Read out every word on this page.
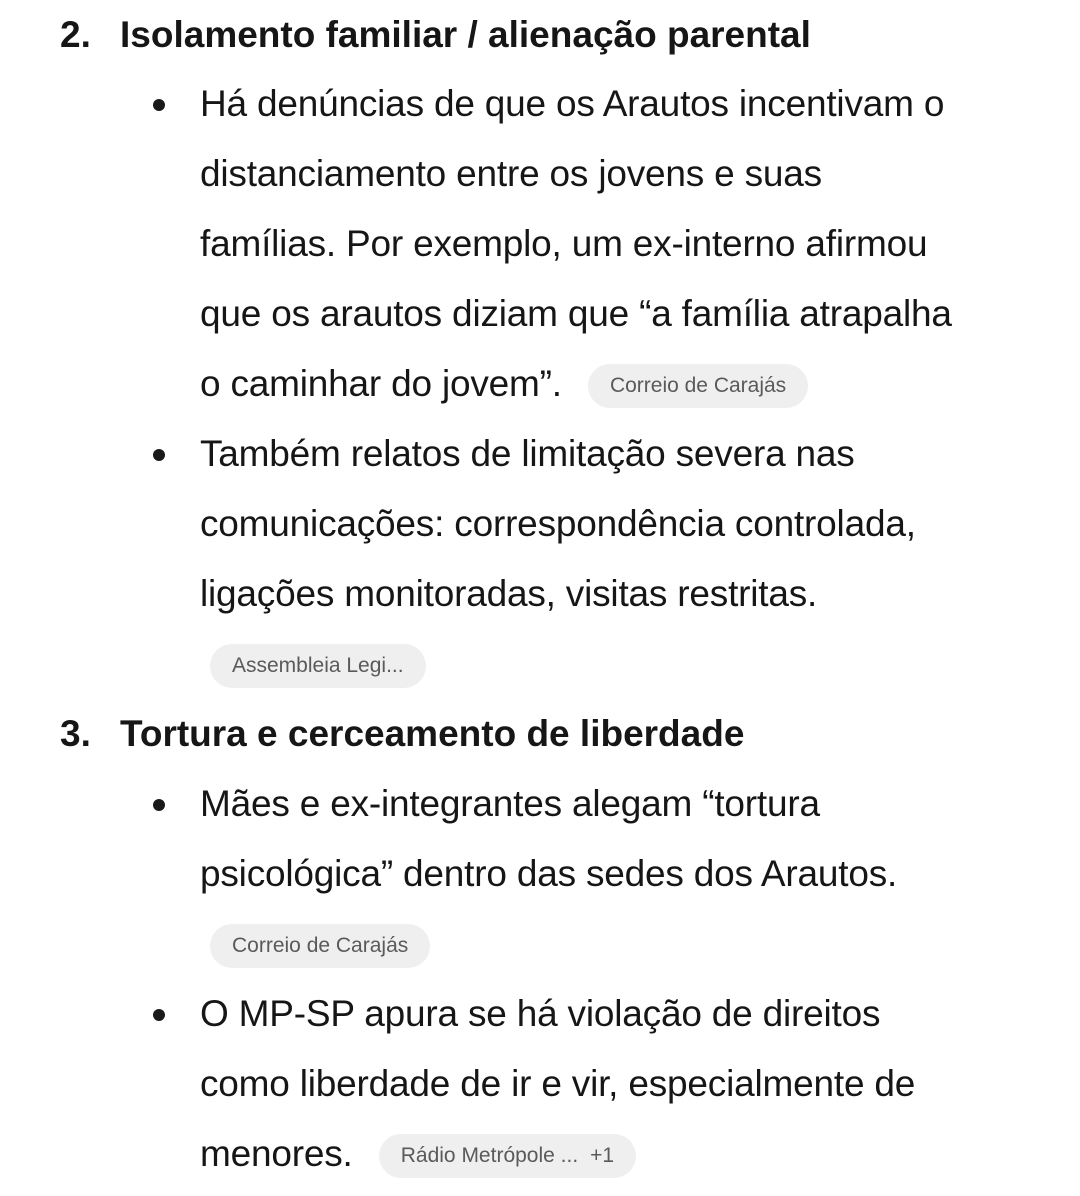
2. Isolamento familiar / alienação parental
Há denúncias de que os Arautos incentivam o
distanciamento entre os jovens e suas
famílias. Por exemplo, um ex-interno afirmou
que os arautos diziam que “a família atrapalha
o caminhar do jovem”. Correio de Carajás
Também relatos de limitação severa nas
comunicações: correspondência controlada,
ligações monitoradas, visitas restritas.
Assembleia Legi...
3. Tortura e cerceamento de liberdade
Mães e ex-integrantes alegam “tortura
psicológica” dentro das sedes dos Arautos.
Correio de Carajás
O MP-SP apura se há violação de direitos
como liberdade de ir e vir, especialmente de
menores. Rádio Metrópole ... +1
